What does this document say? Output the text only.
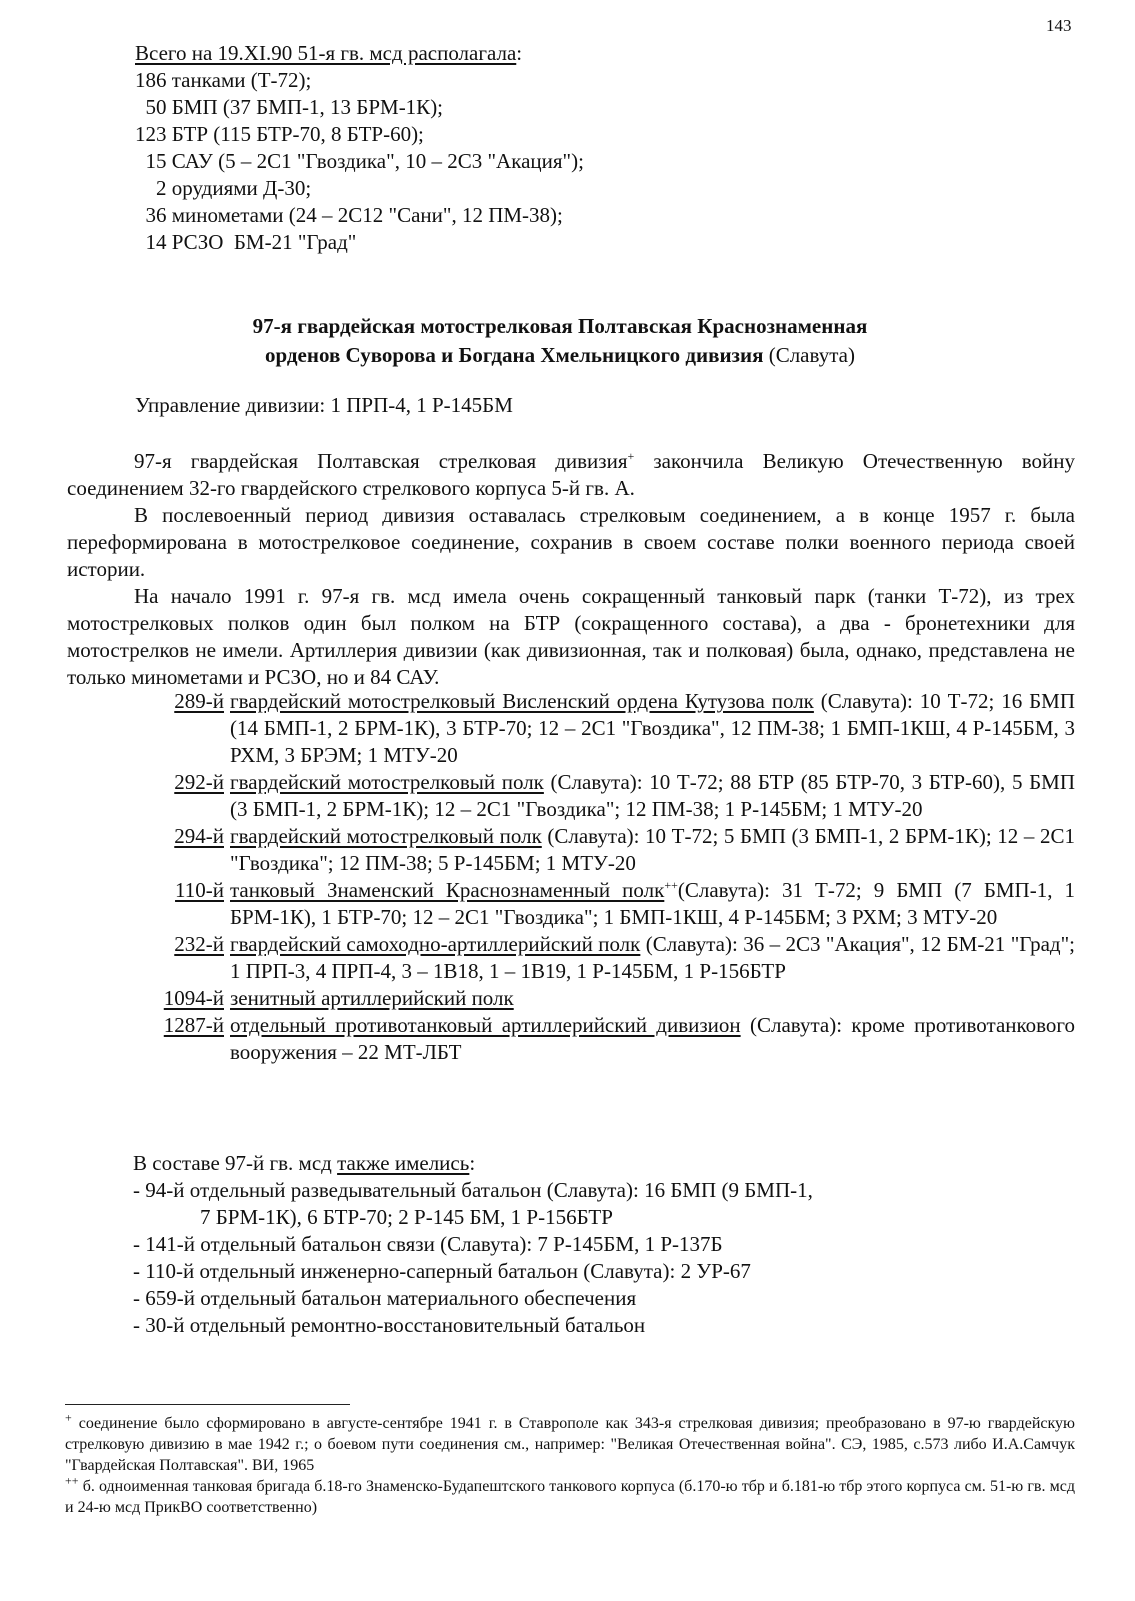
143
Всего на 19.XI.90 51-я гв. мсд располагала:
186 танками (Т-72);
50 БМП (37 БМП-1, 13 БРМ-1К);
123 БТР (115 БТР-70, 8 БТР-60);
15 САУ (5 – 2С1 "Гвоздика", 10 – 2С3 "Акация");
2 орудиями Д-30;
36 минометами (24 – 2С12 "Сани", 12 ПМ-38);
14 РСЗО  БМ-21 "Град"
97-я гвардейская мотострелковая Полтавская Краснознаменная
орденов Суворова и Богдана Хмельницкого дивизия (Славута)
Управление дивизии: 1 ПРП-4, 1 Р-145БМ

97-я гвардейская Полтавская стрелковая дивизия+ закончила Великую Отечественную войну соединением 32-го гвардейского стрелкового корпуса 5-й гв. А.

В послевоенный период дивизия оставалась стрелковым соединением, а в конце 1957 г. была переформирована в мотострелковое соединение, сохранив в своем составе полки военного периода своей истории.

На начало 1991 г. 97-я гв. мсд имела очень сокращенный танковый парк (танки Т-72), из трех мотострелковых полков один был полком на БТР (сокращенного состава), а два - бронетехники для мотострелков не имели. Артиллерия дивизии (как дивизионная, так и полковая) была, однако, представлена не только минометами и РСЗО, но и 84 САУ.

289-й гвардейский мотострелковый Висленский ордена Кутузова полк (Славута): 10 Т-72; 16 БМП (14 БМП-1, 2 БРМ-1К), 3 БТР-70; 12 – 2С1 "Гвоздика", 12 ПМ-38; 1 БМП-1КШ, 4 Р-145БМ, 3 РХМ, 3 БРЭМ; 1 МТУ-20
292-й гвардейский мотострелковый полк (Славута): 10 Т-72; 88 БТР (85 БТР-70, 3 БТР-60), 5 БМП (3 БМП-1, 2 БРМ-1К); 12 – 2С1 "Гвоздика"; 12 ПМ-38; 1 Р-145БМ; 1 МТУ-20
294-й гвардейский мотострелковый полк (Славута): 10 Т-72; 5 БМП (3 БМП-1, 2 БРМ-1К); 12 – 2С1 "Гвоздика"; 12 ПМ-38; 5 Р-145БМ; 1 МТУ-20
110-й танковый Знаменский Краснознаменный полк++(Славута): 31 Т-72; 9 БМП (7 БМП-1, 1 БРМ-1К), 1 БТР-70; 12 – 2С1 "Гвоздика"; 1 БМП-1КШ, 4 Р-145БМ; 3 РХМ; 3 МТУ-20
232-й гвардейский самоходно-артиллерийский полк (Славута): 36 – 2С3 "Акация", 12 БМ-21 "Град"; 1 ПРП-3, 4 ПРП-4, 3 – 1В18, 1 – 1В19, 1 Р-145БМ, 1 Р-156БТР
1094-й зенитный артиллерийский полк
1287-й отдельный противотанковый артиллерийский дивизион (Славута): кроме противотанкового вооружения – 22 МТ-ЛБТ
В составе 97-й гв. мсд также имелись:
- 94-й отдельный разведывательный батальон (Славута): 16 БМП (9 БМП-1,
7 БРМ-1К), 6 БТР-70; 2 Р-145 БМ, 1 Р-156БТР
- 141-й отдельный батальон связи (Славута): 7 Р-145БМ, 1 Р-137Б
- 110-й отдельный инженерно-саперный батальон (Славута): 2 УР-67
- 659-й отдельный батальон материального обеспечения
- 30-й отдельный ремонтно-восстановительный батальон

+ соединение было сформировано в августе-сентябре 1941 г. в Ставрополе как 343-я стрелковая дивизия; преобразовано в 97-ю гвардейскую стрелковую дивизию в мае 1942 г.; о боевом пути соединения см., например: "Великая Отечественная война". СЭ, 1985, с.573 либо И.А.Самчук "Гвардейская Полтавская". ВИ, 1965

++ б. одноименная танковая бригада б.18-го Знаменско-Будапештского танкового корпуса (б.170-ю тбр и б.181-ю тбр этого корпуса см. 51-ю гв. мсд и 24-ю мсд ПрикВО соответственно)
